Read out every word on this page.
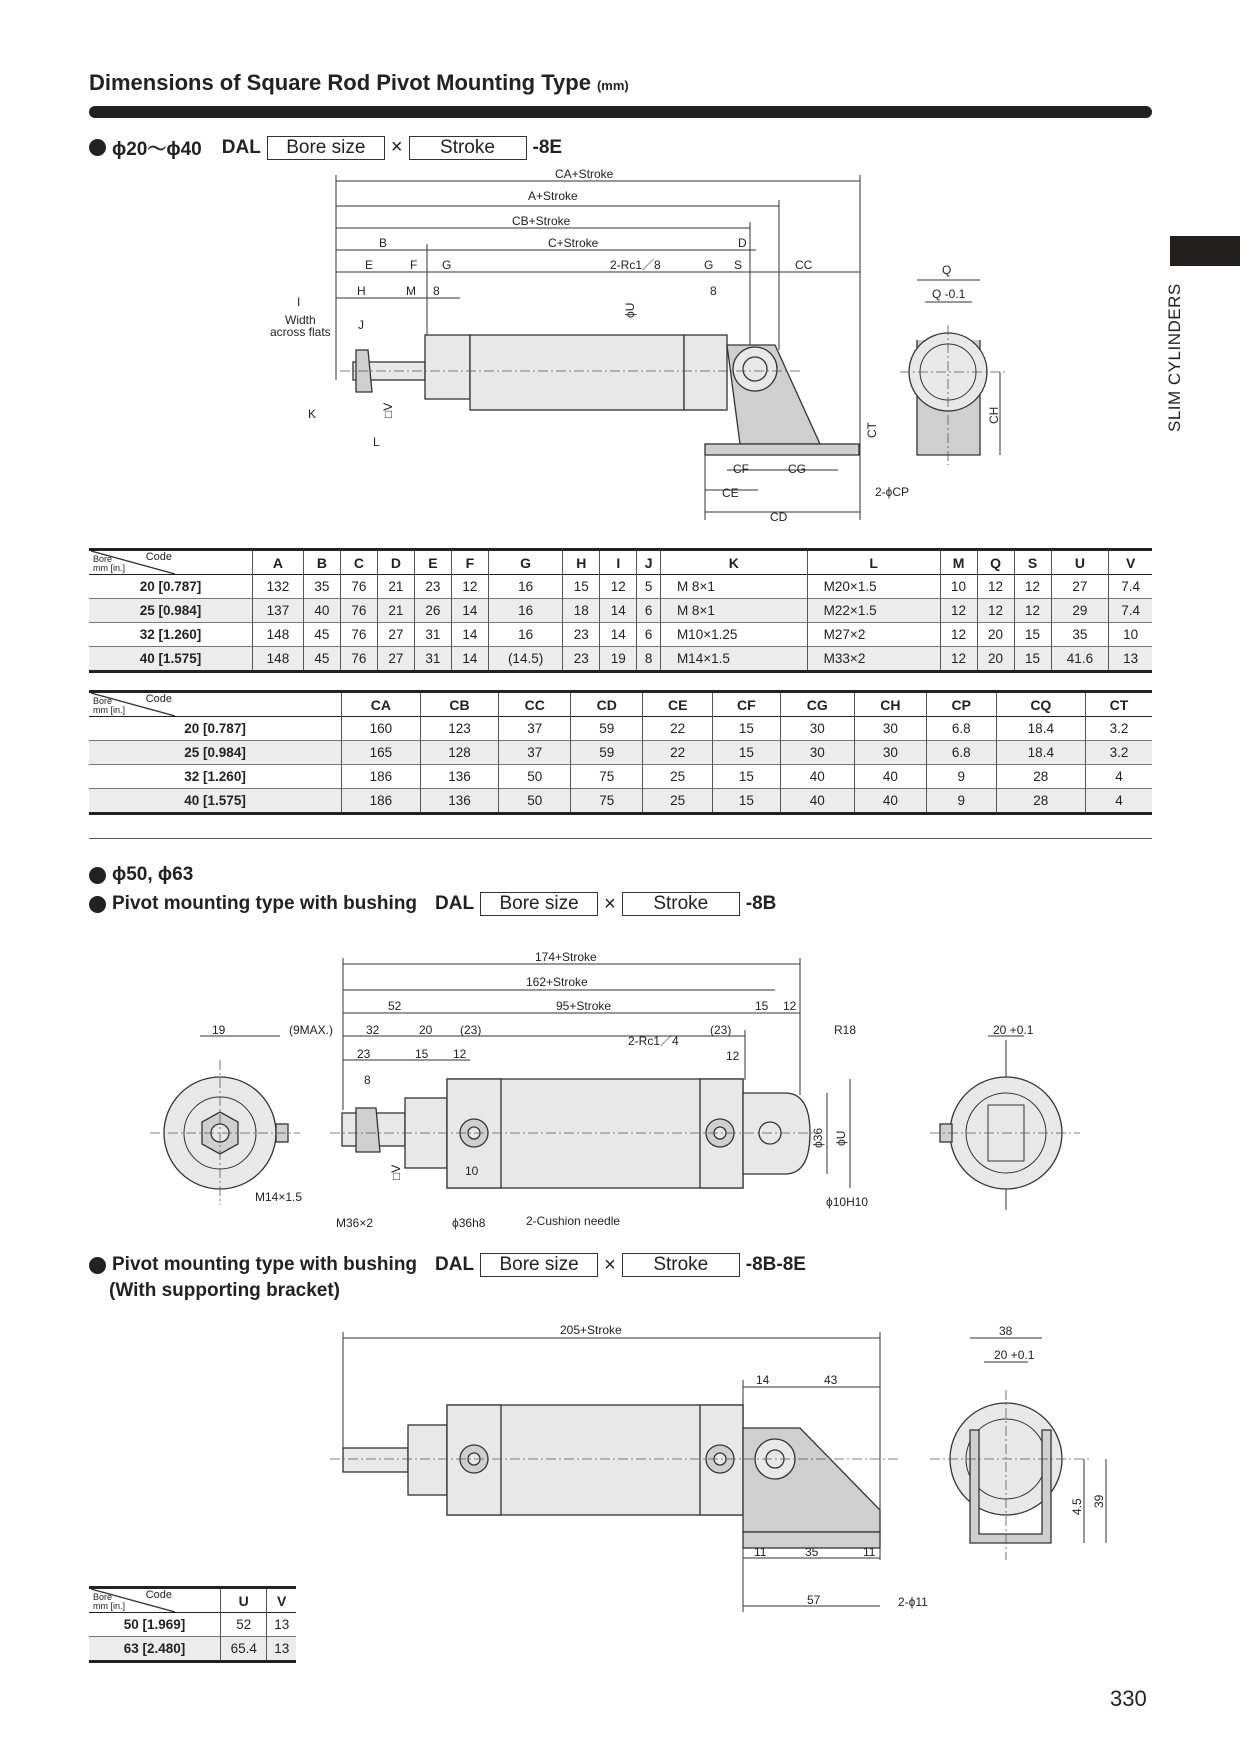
Dimensions of Square Rod Pivot Mounting Type (mm)
SLIM CYLINDERS
ϕ20～ϕ40 DAL	Bore size	×	Stroke	-8E
CA+Stroke
A+Stroke
CB+Stroke
C+Stroke
B	D
E	F G	2-Rc1／8	G S	CC
H	M 8	8
I
Width
across flats J
K
L
□V
ϕU
CT
CF	CG
CE
CD
2-ϕCP
Q
Q -0.1
CH
Code
Bore
mm [in.]	A	B	C	D	E	F	G	H	I	J	K	L	M	Q	S	U	V
20 [0.787]	132	35	76	21	23	12	16	15	12	5	M 8×1	M20×1.5	10	12	12	27	7.4
25 [0.984]	137	40	76	21	26	14	16	18	14	6	M 8×1	M22×1.5	12	12	12	29	7.4
32 [1.260]	148	45	76	27	31	14	16	23	14	6	M10×1.25	M27×2	12	20	15	35	10
40 [1.575]	148	45	76	27	31	14	(14.5)	23	19	8	M14×1.5	M33×2	12	20	15	41.6	13
Code
Bore
mm [in.]	CA	CB	CC	CD	CE	CF	CG	CH	CP	CQ	CT
20 [0.787]	160	123	37	59	22	15	30	30	6.8	18.4	3.2
25 [0.984]	165	128	37	59	22	15	30	30	6.8	18.4	3.2
32 [1.260]	186	136	50	75	25	15	40	40	9	28	4
40 [1.575]	186	136	50	75	25	15	40	40	9	28	4
ϕ50, ϕ63
Pivot mounting type with bushing DAL	Bore size	×	Stroke	-8B
174+Stroke
162+Stroke
52	95+Stroke	15 12
19	(9MAX.)	32	20 (23)
2-Rc1／4
(23)
12
R18
23	15 12
8
M14×1.5
M36×2	ϕ36h8	2-Cushion needle
10
□V
ϕ36 ϕU
ϕ10H10
20 +0.1
Pivot mounting type with bushing DAL	Bore size	×	Stroke	-8B-8E
(With supporting bracket)
205+Stroke
14	43
38
20 +0.1
4.5 39
11	35	11
57	2-ϕ11
Code
Bore
mm [in.]	U	V
50 [1.969]	52	13
63 [2.480]	65.4	13
330
